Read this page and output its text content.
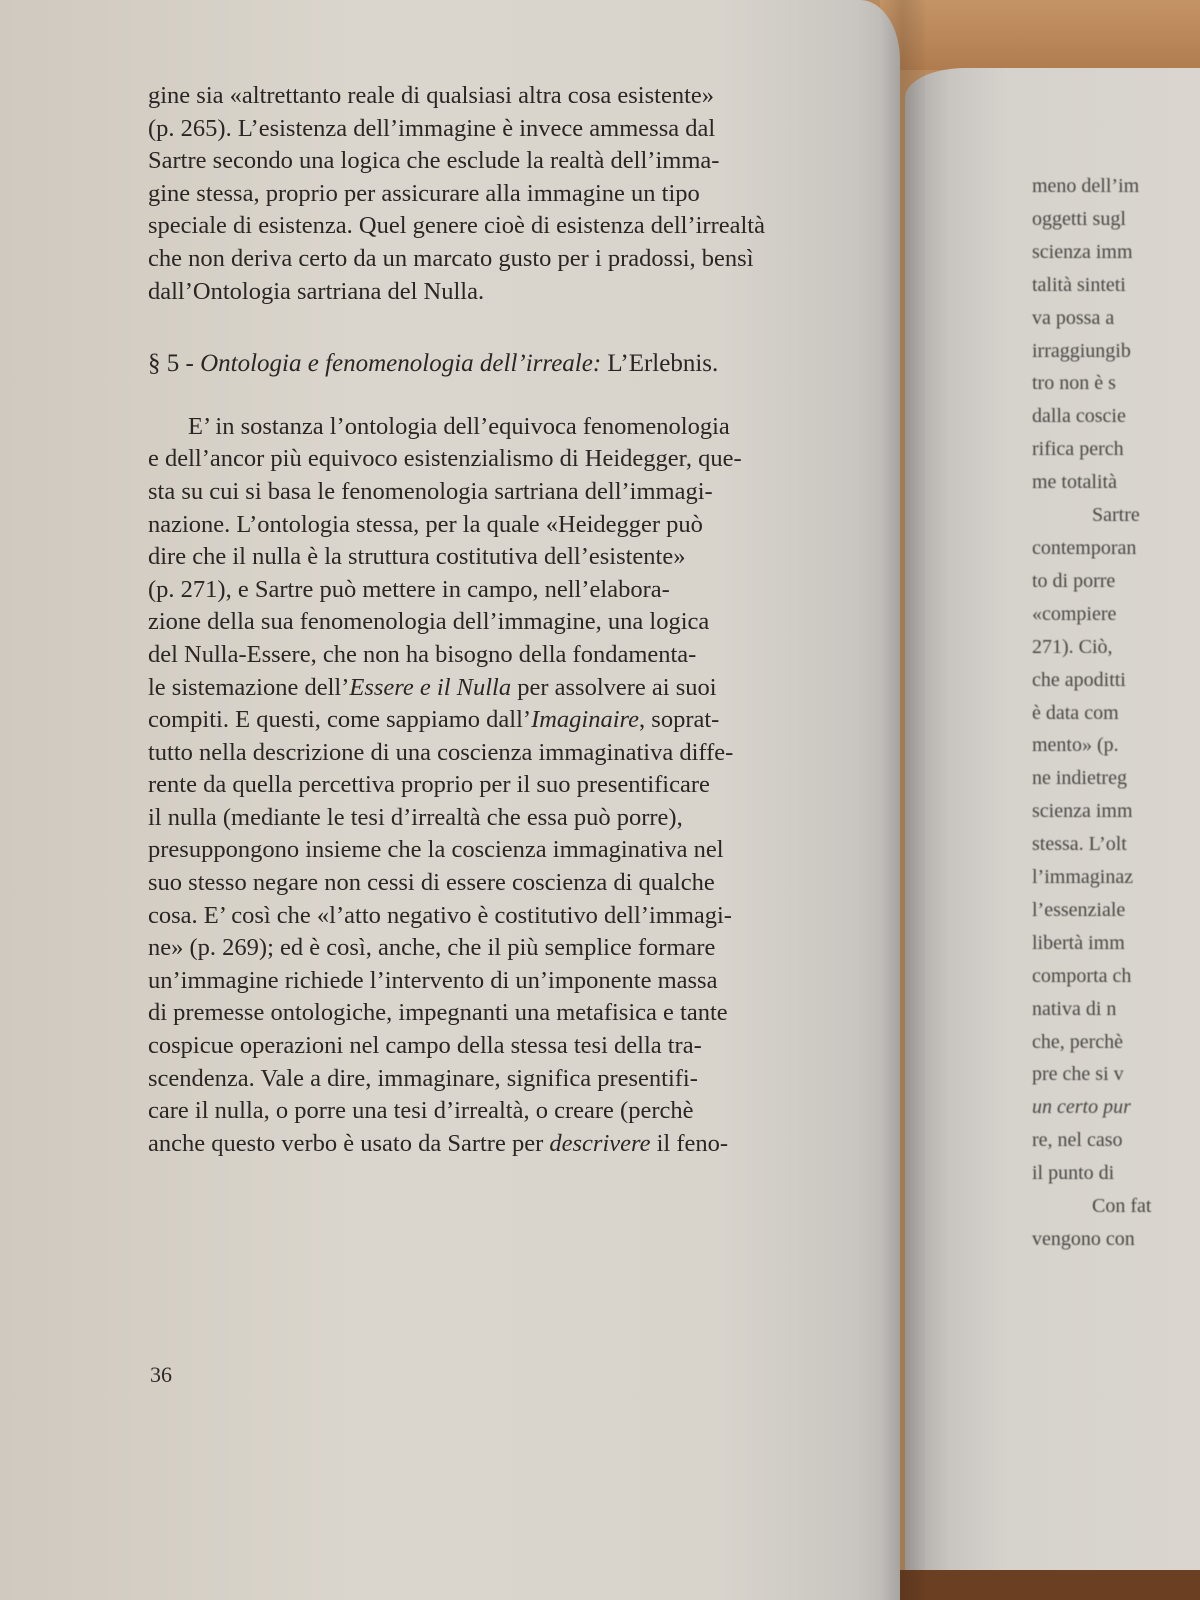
gine sia «altrettanto reale di qualsiasi altra cosa esistente»
(p. 265). L’esistenza dell’immagine è invece ammessa dal
Sartre secondo una logica che esclude la realtà dell’imma-
gine stessa, proprio per assicurare alla immagine un tipo
speciale di esistenza. Quel genere cioè di esistenza dell’irrealtà
che non deriva certo da un marcato gusto per i pradossi, bensì
dall’Ontologia sartriana del Nulla.
§ 5 - Ontologia e fenomenologia dell’irreale: L’Erlebnis.
E’ in sostanza l’ontologia dell’equivoca fenomenologia
e dell’ancor più equivoco esistenzialismo di Heidegger, que-
sta su cui si basa le fenomenologia sartriana dell’immagi-
nazione. L’ontologia stessa, per la quale «Heidegger può
dire che il nulla è la struttura costitutiva dell’esistente»
(p. 271), e Sartre può mettere in campo, nell’elabora-
zione della sua fenomenologia dell’immagine, una logica
del Nulla-Essere, che non ha bisogno della fondamenta-
le sistemazione dell’Essere e il Nulla per assolvere ai suoi
compiti. E questi, come sappiamo dall’Imaginaire, soprat-
tutto nella descrizione di una coscienza immaginativa diffe-
rente da quella percettiva proprio per il suo presentificare
il nulla (mediante le tesi d’irrealtà che essa può porre),
presuppongono insieme che la coscienza immaginativa nel
suo stesso negare non cessi di essere coscienza di qualche
cosa. E’ così che «l’atto negativo è costitutivo dell’immagi-
ne» (p. 269); ed è così, anche, che il più semplice formare
un’immagine richiede l’intervento di un’imponente massa
di premesse ontologiche, impegnanti una metafisica e tante
cospicue operazioni nel campo della stessa tesi della tra-
scendenza. Vale a dire, immaginare, significa presentifi-
care il nulla, o porre una tesi d’irrealtà, o creare (perchè
anche questo verbo è usato da Sartre per descrivere il feno-
36
meno dell’im
oggetti sugl
scienza imm
talità sinteti
va possa a
irraggiungib
tro non è s
dalla coscie
rifica perch
me totalità
Sartre
contemporan
to di porre
«compiere
271). Ciò,
che apoditti
è data com
mento» (p.
ne indietreg
scienza imm
stessa. L’olt
l’immaginaz
l’essenziale
libertà imm
comporta ch
nativa di n
che, perchè
pre che si v
un certo pur
re, nel caso
il punto di
Con fat
vengono con
